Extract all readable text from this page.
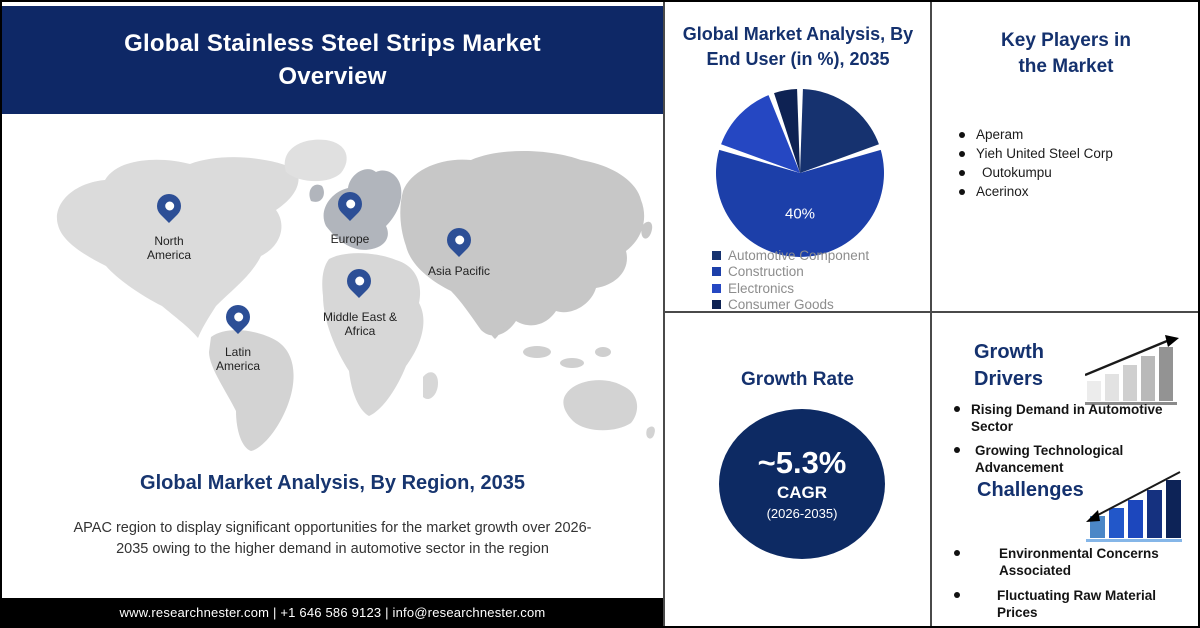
Global Stainless Steel Strips Market Overview
North America
Europe
Asia Pacific
Middle East & Africa
Latin America
Global Market Analysis, By Region, 2035

APAC region to display significant opportunities for the market growth over 2026-2035 owing to the higher demand in automotive sector in the region

www.researchnester.com | +1 646 586 9123 | info@researchnester.com
Global Market Analysis, By End User (in %), 2035
40%
Automotive Component
Construction
Electronics
Consumer Goods
Key Players in the Market
Aperam
Yieh United Steel Corp
Outokumpu
Acerinox
Growth Rate
~5.3%
CAGR
(2026-2035)
Growth Drivers
Rising Demand in Automotive Sector
Growing Technological Advancement
Challenges
Environmental Concerns Associated
Fluctuating Raw Material Prices
